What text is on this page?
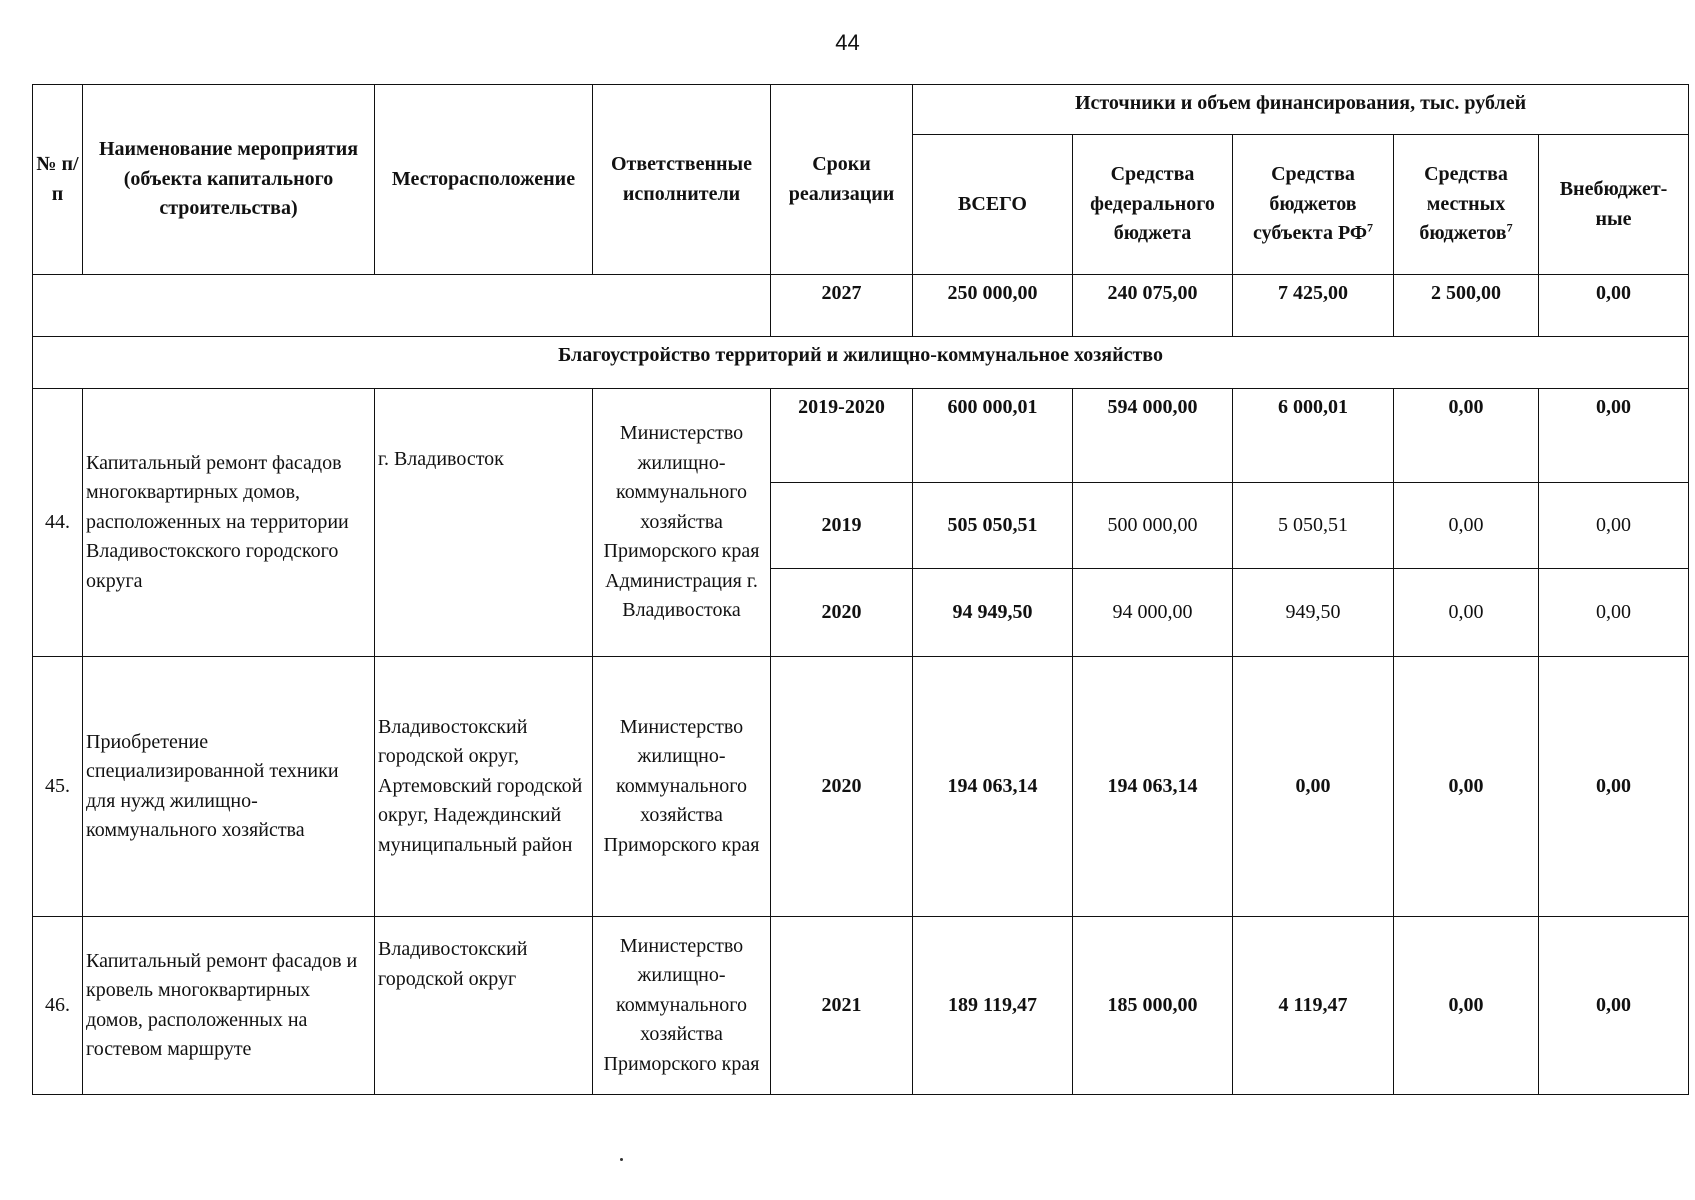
44
№ п/п	Наименование мероприятия (объекта капитального строительства)	Месторасположение	Ответственные исполнители	Сроки реализации	Источники и объем финансирования, тыс. рублей				
					ВСЕГО	Средства федерального бюджета	Средства бюджетов субъекта $РФ^7$	Средства местных бюджетов$^7$	Внебюджет-ные
				2027	250 000,00	240 075,00	7 425,00	2 500,00	0,00
Благоустройство территорий и жилищно-коммунальное хозяйство									
44.	Капитальный ремонт фасадов многоквартирных домов, расположенных на территории Владивостокского городского округа	г. Владивосток	Министерство жилищно-коммунального хозяйства Приморского края Администрация г. Владивостока	2019-2020	600 000,01	594 000,00	6 000,01	0,00	0,00
				2019	505 050,51	500 000,00	5 050,51	0,00	0,00
				2020	94 949,50	94 000,00	949,50	0,00	0,00
45.	Приобретение специализированной техники для нужд жилищно-коммунального хозяйства	Владивостокский городской округ, Артемовский городской округ, Надеждинский муниципальный район	Министерство жилищно-коммунального хозяйства Приморского края	2020	194 063,14	194 063,14	0,00	0,00	0,00
46.	Капитальный ремонт фасадов и кровель многоквартирных домов, расположенных на гостевом маршруте	Владивостокский городской округ	Министерство жилищно-коммунального хозяйства Приморского края	2021	189 119,47	185 000,00	4 119,47	0,00	0,00
